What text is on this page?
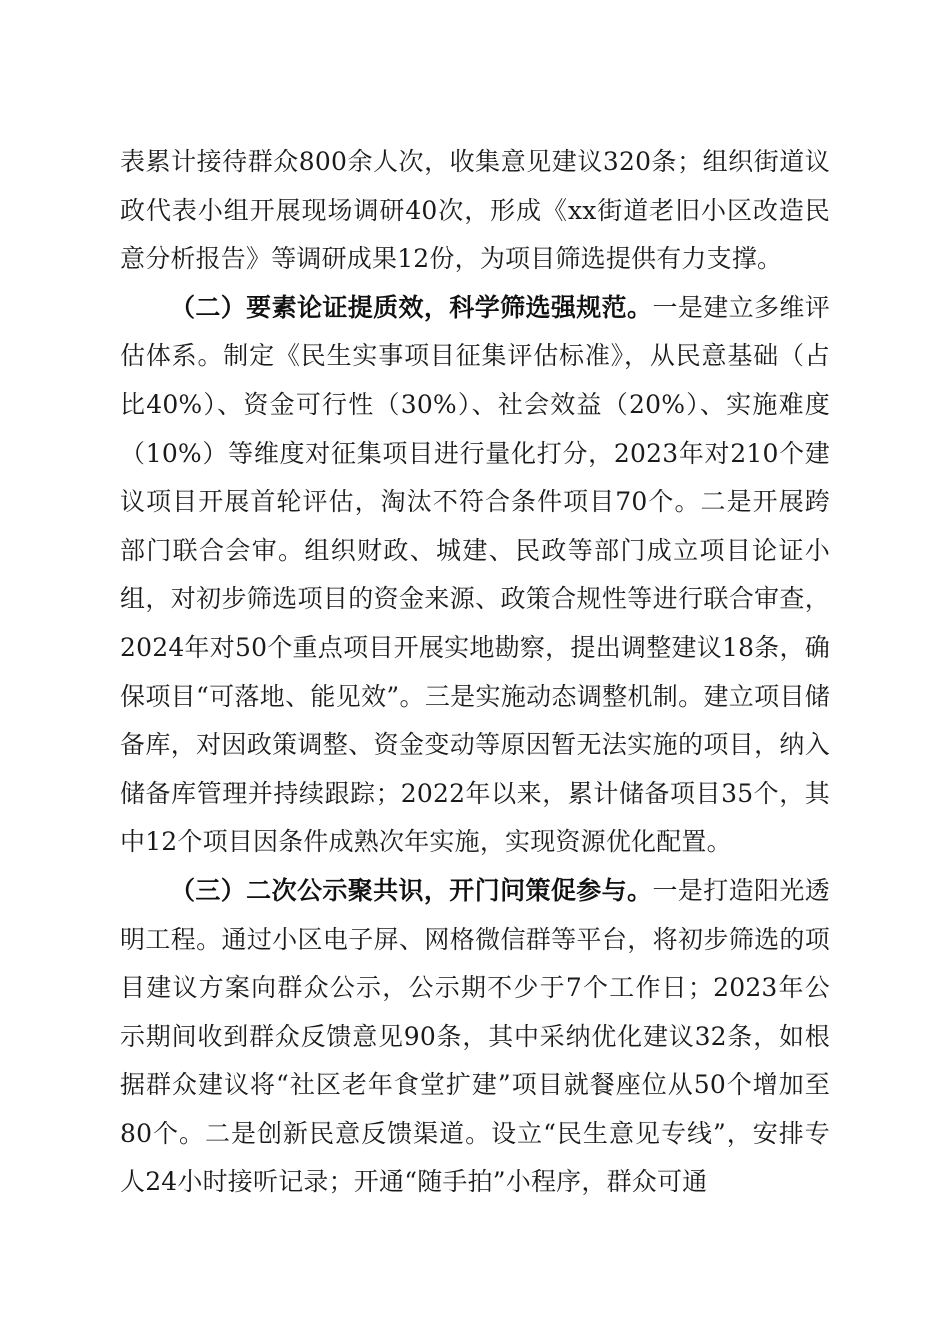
表累计接待群众800余人次，收集意见建议320条；组织街道议政代表小组开展现场调研40次，形成《xx街道老旧小区改造民意分析报告》等调研成果12份，为项目筛选提供有力支撑。

（二）要素论证提质效，科学筛选强规范。一是建立多维评估体系。制定《民生实事项目征集评估标准》，从民意基础（占比40%）、资金可行性（30%）、社会效益（20%）、实施难度（10%）等维度对征集项目进行量化打分，2023年对210个建议项目开展首轮评估，淘汰不符合条件项目70个。二是开展跨部门联合会审。组织财政、城建、民政等部门成立项目论证小组，对初步筛选项目的资金来源、政策合规性等进行联合审查，2024年对50个重点项目开展实地勘察，提出调整建议18条，确保项目“可落地、能见效”。三是实施动态调整机制。建立项目储备库，对因政策调整、资金变动等原因暂无法实施的项目，纳入储备库管理并持续跟踪；2022年以来，累计储备项目35个，其中12个项目因条件成熟次年实施，实现资源优化配置。

（三）二次公示聚共识，开门问策促参与。一是打造阳光透明工程。通过小区电子屏、网格微信群等平台，将初步筛选的项目建议方案向群众公示，公示期不少于7个工作日；2023年公示期间收到群众反馈意见90条，其中采纳优化建议32条，如根据群众建议将“社区老年食堂扩建”项目就餐座位从50个增加至80个。二是创新民意反馈渠道。设立“民生意见专线”，安排专人24小时接听记录；开通“随手拍”小程序，群众可通
